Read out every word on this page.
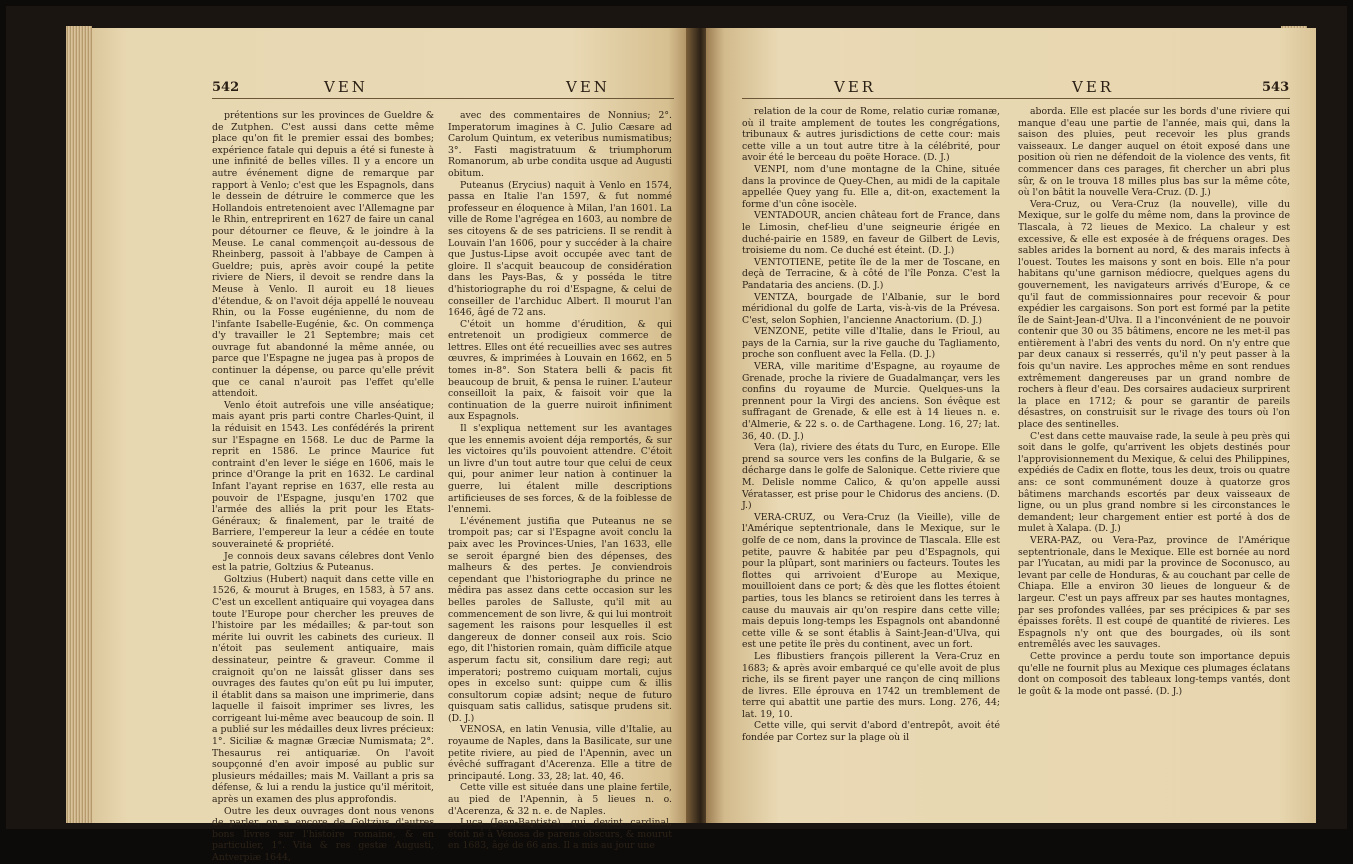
542	VEN	VEN

prétentions sur les provinces de Gueldre & de Zutphen. C'est aussi dans cette même place qu'on fit le premier essai des bombes; expérience fatale qui depuis a été si funeste à une infinité de belles villes. Il y a encore un autre événement digne de remarque par rapport à Venlo; c'est que les Espagnols, dans le dessein de détruire le commerce que les Hollandois entretenoient avec l'Allemagne par le Rhin, entreprirent en 1627 de faire un canal pour détourner ce fleuve, & le joindre à la Meuse. Le canal commençoit au-dessous de Rheinberg, passoit à l'abbaye de Campen à Gueldre; puis, après avoir coupé la petite riviere de Niers, il devoit se rendre dans la Meuse à Venlo. Il auroit eu 18 lieues d'étendue, & on l'avoit déja appellé le nouveau Rhin, ou la Fosse eugénienne, du nom de l'infante Isabelle-Eugénie, &c. On commença d'y travailler le 21 Septembre; mais cet ouvrage fut abandonné la même année, ou parce que l'Espagne ne jugea pas à propos de continuer la dépense, ou parce qu'elle prévit que ce canal n'auroit pas l'effet qu'elle attendoit.

Venlo étoit autrefois une ville anséatique; mais ayant pris parti contre Charles-Quint, il la réduisit en 1543. Les confédérés la prirent sur l'Espagne en 1568. Le duc de Parme la reprit en 1586. Le prince Maurice fut contraint d'en lever le siége en 1606, mais le prince d'Orange la prit en 1632. Le cardinal Infant l'ayant reprise en 1637, elle resta au pouvoir de l'Espagne, jusqu'en 1702 que l'armée des alliés la prit pour les Etats-Généraux; & finalement, par le traité de Barriere, l'empereur la leur a cédée en toute souveraineté & propriété.

Je connois deux savans célebres dont Venlo est la patrie, Goltzius & Puteanus.

Goltzius (Hubert) naquit dans cette ville en 1526, & mourut à Bruges, en 1583, à 57 ans. C'est un excellent antiquaire qui voyagea dans toute l'Europe pour chercher les preuves de l'histoire par les médailles; & par-tout son mérite lui ouvrit les cabinets des curieux. Il n'étoit pas seulement antiquaire, mais dessinateur, peintre & graveur. Comme il craignoit qu'on ne laissât glisser dans ses ouvrages des fautes qu'on eût pu lui imputer, il établit dans sa maison une imprimerie, dans laquelle il faisoit imprimer ses livres, les corrigeant lui-même avec beaucoup de soin. Il a publié sur les médailles deux livres précieux: 1°. Siciliæ & magnæ Græciæ Numismata; 2°. Thesaurus rei antiquariæ. On l'avoit soupçonné d'en avoir imposé au public sur plusieurs médailles; mais M. Vaillant a pris sa défense, & lui a rendu la justice qu'il méritoit, après un examen des plus approfondis.

Outre les deux ouvrages dont nous venons de parler, on a encore de Goltzius d'autres bons livres sur l'histoire romaine, & en particulier, 1°. Vita & res gestæ Augusti, Antverpiæ 1644,

avec des commentaires de Nonnius; 2°. Imperatorum imagines à C. Julio Cæsare ad Carolum Quintum, ex veteribus numismatibus; 3°. Fasti magistratuum & triumphorum Romanorum, ab urbe condita usque ad Augusti obitum.

Puteanus (Erycius) naquit à Venlo en 1574, passa en Italie l'an 1597, & fut nommé professeur en éloquence à Milan, l'an 1601. La ville de Rome l'agrégea en 1603, au nombre de ses citoyens & de ses patriciens. Il se rendit à Louvain l'an 1606, pour y succéder à la chaire que Justus-Lipse avoit occupée avec tant de gloire. Il s'acquit beaucoup de considération dans les Pays-Bas, & y posséda le titre d'historiographe du roi d'Espagne, & celui de conseiller de l'archiduc Albert. Il mourut l'an 1646, âgé de 72 ans.

C'étoit un homme d'érudition, & qui entretenoit un prodigieux commerce de lettres. Elles ont été recueillies avec ses autres œuvres, & imprimées à Louvain en 1662, en 5 tomes in-8°. Son Statera belli & pacis fit beaucoup de bruit, & pensa le ruiner. L'auteur conseilloit la paix, & faisoit voir que la continuation de la guerre nuiroit infiniment aux Espagnols.

Il s'expliqua nettement sur les avantages que les ennemis avoient déja remportés, & sur les victoires qu'ils pouvoient attendre. C'étoit un livre d'un tout autre tour que celui de ceux qui, pour animer leur nation à continuer la guerre, lui étalent mille descriptions artificieuses de ses forces, & de la foiblesse de l'ennemi.

L'événement justifia que Puteanus ne se trompoit pas; car si l'Espagne avoit conclu la paix avec les Provinces-Unies, l'an 1633, elle se seroit épargné bien des dépenses, des malheurs & des pertes. Je conviendrois cependant que l'historiographe du prince ne mêdira pas assez dans cette occasion sur les belles paroles de Salluste, qu'il mit au commencement de son livre, & qui lui montroit sagement les raisons pour lesquelles il est dangereux de donner conseil aux rois. Scio ego, dit l'historien romain, quàm difficile atque asperum factu sit, consilium dare regi; aut imperatori; postremo cuiquam mortali, cujus opes in excelso sunt: quippe cum & illis consultorum copiæ adsint; neque de futuro quisquam satis callidus, satisque prudens sit. (D. J.)

VENOSA, en latin Venusia, ville d'Italie, au royaume de Naples, dans la Basilicate, sur une petite riviere, au pied de l'Apennin, avec un évêché suffragant d'Acerenza. Elle a titre de principauté. Long. 33, 28; lat. 40, 46.

Cette ville est située dans une plaine fertile, au pied de l'Apennin, à 5 lieues n. o. d'Acerenza, & 32 n. e. de Naples.

Luca (Jean-Baptiste), qui devint cardinal, étoit né à Venosa de parens obscurs, & mourut en 1683, âgé de 66 ans. Il a mis au jour une

VER	VER	543

relation de la cour de Rome, relatio curiæ romanæ, où il traite amplement de toutes les congrégations, tribunaux & autres jurisdictions de cette cour: mais cette ville a un tout autre titre à la célébrité, pour avoir été le berceau du poëte Horace. (D. J.)

VENPI, nom d'une montagne de la Chine, située dans la province de Quey-Chen, au midi de la capitale appellée Quey yang fu. Elle a, dit-on, exactement la forme d'un cône isocèle.

VENTADOUR, ancien château fort de France, dans le Limosin, chef-lieu d'une seigneurie érigée en duché-pairie en 1589, en faveur de Gilbert de Levis, troisieme du nom. Ce duché est éteint. (D. J.)

VENTOTIENE, petite île de la mer de Toscane, en deçà de Terracine, & à côté de l'île Ponza. C'est la Pandataria des anciens. (D. J.)

VENTZA, bourgade de l'Albanie, sur le bord méridional du golfe de Larta, vis-à-vis de la Prévesa. C'est, selon Sophien, l'ancienne Anactorium. (D. J.)

VENZONE, petite ville d'Italie, dans le Frioul, au pays de la Carnia, sur la rive gauche du Tagliamento, proche son confluent avec la Fella. (D. J.)

VERA, ville maritime d'Espagne, au royaume de Grenade, proche la riviere de Guadalmançar, vers les confins du royaume de Murcie. Quelques-uns la prennent pour la Virgi des anciens. Son évêque est suffragant de Grenade, & elle est à 14 lieues n. e. d'Almerie, & 22 s. o. de Carthagene. Long. 16, 27; lat. 36, 40. (D. J.)

Vera (la), riviere des états du Turc, en Europe. Elle prend sa source vers les confins de la Bulgarie, & se décharge dans le golfe de Salonique. Cette riviere que M. Delisle nomme Calico, & qu'on appelle aussi Vératasser, est prise pour le Chidorus des anciens. (D. J.)

VERA-CRUZ, ou Vera-Cruz (la Vieille), ville de l'Amérique septentrionale, dans le Mexique, sur le golfe de ce nom, dans la province de Tlascala. Elle est petite, pauvre & habitée par peu d'Espagnols, qui pour la plûpart, sont mariniers ou facteurs. Toutes les flottes qui arrivoient d'Europe au Mexique, mouilloient dans ce port; & dès que les flottes étoient parties, tous les blancs se retiroient dans les terres à cause du mauvais air qu'on respire dans cette ville; mais depuis long-temps les Espagnols ont abandonné cette ville & se sont établis à Saint-Jean-d'Ulva, qui est une petite île près du continent, avec un fort.

Les flibustiers françois pillerent la Vera-Cruz en 1683; & après avoir embarqué ce qu'elle avoit de plus riche, ils se firent payer une rançon de cinq millions de livres. Elle éprouva en 1742 un tremblement de terre qui abattit une partie des murs. Long. 276, 44; lat. 19, 10.

Cette ville, qui servit d'abord d'entrepôt, avoit été fondée par Cortez sur la plage où il

aborda. Elle est placée sur les bords d'une riviere qui manque d'eau une partie de l'année, mais qui, dans la saison des pluies, peut recevoir les plus grands vaisseaux. Le danger auquel on étoit exposé dans une position où rien ne défendoit de la violence des vents, fit commencer dans ces parages, fit chercher un abri plus sûr, & on le trouva 18 milles plus bas sur la même côte, où l'on bâtit la nouvelle Vera-Cruz. (D. J.)

Vera-Cruz, ou Vera-Cruz (la nouvelle), ville du Mexique, sur le golfe du même nom, dans la province de Tlascala, à 72 lieues de Mexico. La chaleur y est excessive, & elle est exposée à de fréquens orages. Des sables arides la bornent au nord, & des marais infects à l'ouest. Toutes les maisons y sont en bois. Elle n'a pour habitans qu'une garnison médiocre, quelques agens du gouvernement, les navigateurs arrivés d'Europe, & ce qu'il faut de commissionnaires pour recevoir & pour expédier les cargaisons. Son port est formé par la petite île de Saint-Jean-d'Ulva. Il a l'inconvénient de ne pouvoir contenir que 30 ou 35 bâtimens, encore ne les met-il pas entièrement à l'abri des vents du nord. On n'y entre que par deux canaux si resserrés, qu'il n'y peut passer à la fois qu'un navire. Les approches même en sont rendues extrêmement dangereuses par un grand nombre de rochers à fleur d'eau. Des corsaires audacieux surprirent la place en 1712; & pour se garantir de pareils désastres, on construisit sur le rivage des tours où l'on place des sentinelles.

C'est dans cette mauvaise rade, la seule à peu près qui soit dans le golfe, qu'arrivent les objets destinés pour l'approvisionnement du Mexique, & celui des Philippines, expédiés de Cadix en flotte, tous les deux, trois ou quatre ans: ce sont communément douze à quatorze gros bâtimens marchands escortés par deux vaisseaux de ligne, ou un plus grand nombre si les circonstances le demandent; leur chargement entier est porté à dos de mulet à Xalapa. (D. J.)

VERA-PAZ, ou Vera-Paz, province de l'Amérique septentrionale, dans le Mexique. Elle est bornée au nord par l'Yucatan, au midi par la province de Soconusco, au levant par celle de Honduras, & au couchant par celle de Chiapa. Elle a environ 30 lieues de longueur & de largeur. C'est un pays affreux par ses hautes montagnes, par ses profondes vallées, par ses précipices & par ses épaisses forêts. Il est coupé de quantité de rivieres. Les Espagnols n'y ont que des bourgades, où ils sont entremêlés avec les sauvages.

Cette province a perdu toute son importance depuis qu'elle ne fournit plus au Mexique ces plumages éclatans dont on composoit des tableaux long-temps vantés, dont le goût & la mode ont passé. (D. J.)
